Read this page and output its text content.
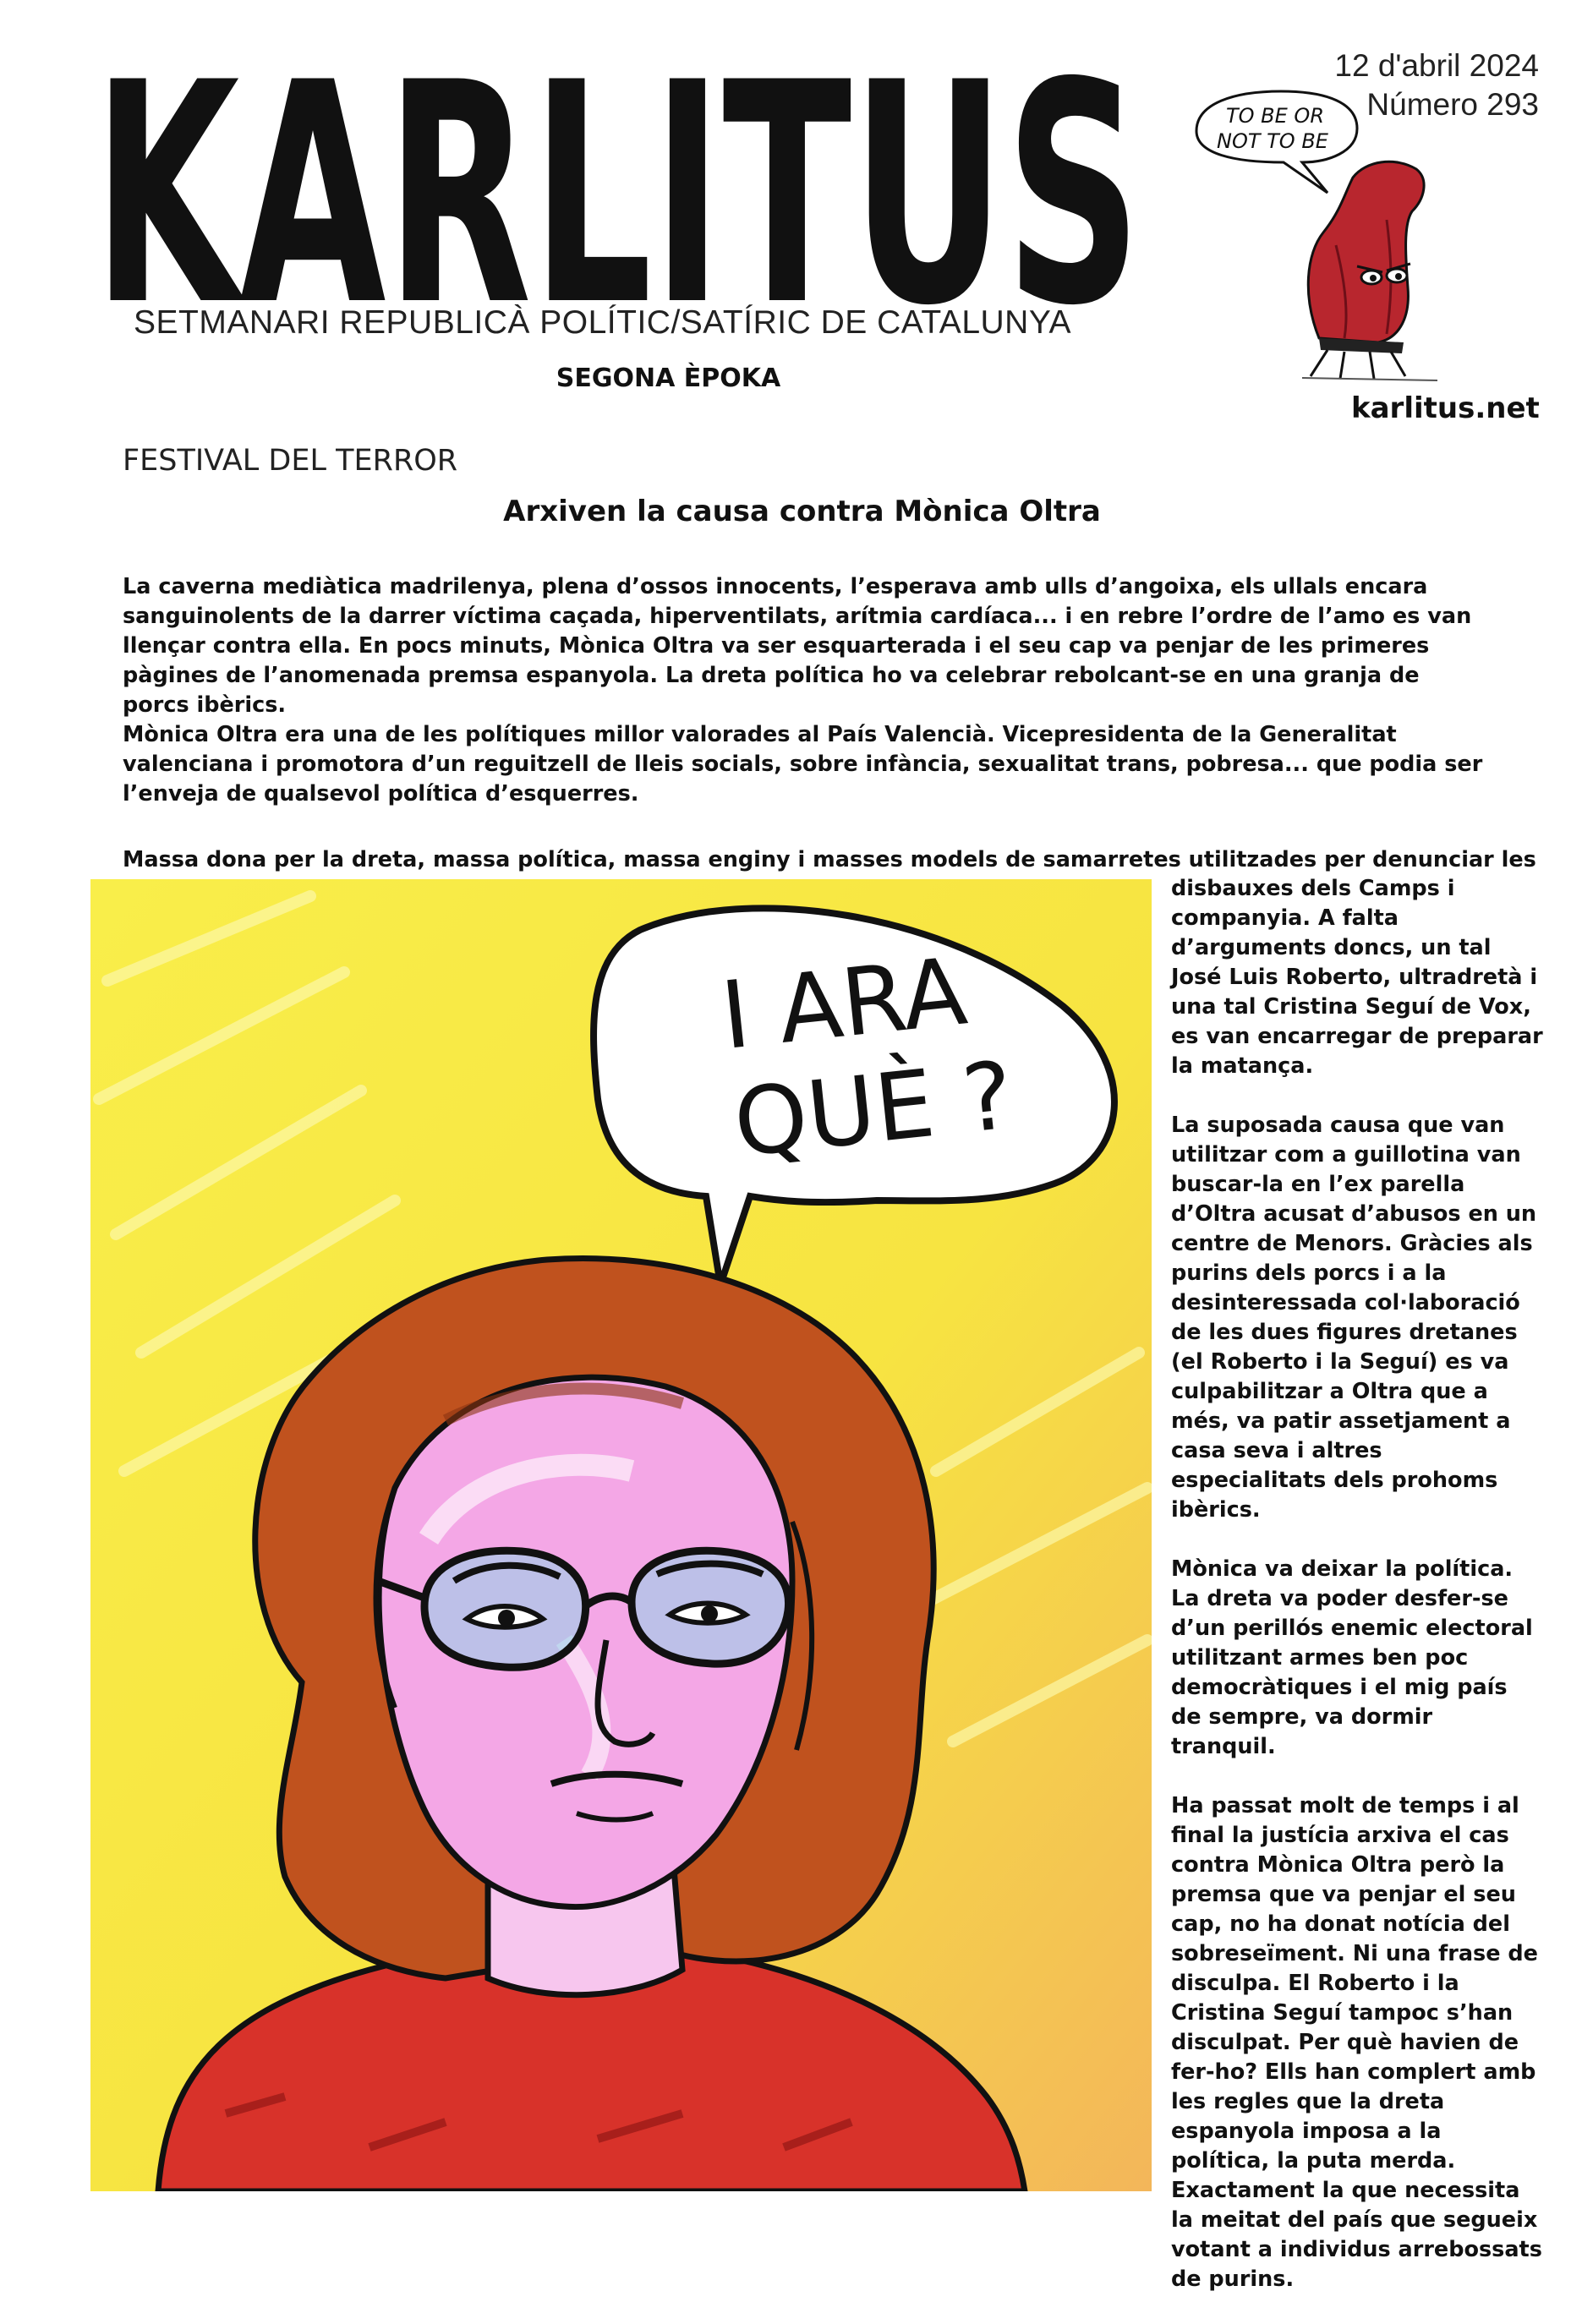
KARLITUS
SETMANARI REPUBLICÀ POLÍTIC/SATÍRIC DE CATALUNYA
SEGONA ÈPOKA
12 d'abril 2024
Número 293
TO BE OR
NOT TO BE
karlitus.net
FESTIVAL DEL TERROR
Arxiven la causa contra Mònica Oltra

La caverna mediàtica madrilenya, plena d’ossos innocents, l’esperava amb ulls d’angoixa, els ullals encara sanguinolents de la darrer víctima caçada, hiperventilats, arítmia cardíaca... i en rebre l’ordre de l’amo es van llençar contra ella. En pocs minuts, Mònica Oltra va ser esquarterada i el seu cap va penjar de les primeres pàgines de l’anomenada premsa espanyola. La dreta política ho va celebrar rebolcant-se en una granja de porcs ibèrics.

Mònica Oltra era una de les polítiques millor valorades al País Valencià. Vicepresidenta de la Generalitat valenciana i promotora d’un reguitzell de lleis socials, sobre infància, sexualitat trans, pobresa... que podia ser l’enveja de qualsevol política d’esquerres.

Massa dona per la dreta, massa política, massa enginy i masses models de samarretes utilitzades per denunciar les

I ARA
QUÈ ?

disbauxes dels Camps i companyia. A falta d’arguments doncs, un tal José Luis Roberto, ultradretà i una tal Cristina Seguí de Vox, es van encarregar de preparar la matança.

La suposada causa que van utilitzar com a guillotina van buscar-la en l’ex parella d’Oltra acusat d’abusos en un centre de Menors. Gràcies als purins dels porcs i a la desinteressada col·laboració de les dues figures dretanes (el Roberto i la Seguí) es va culpabilitzar a Oltra que a més, va patir assetjament a casa seva i altres especialitats dels prohoms ibèrics.

Mònica va deixar la política. La dreta va poder desfer-se d’un perillós enemic electoral utilitzant armes ben poc democràtiques i el mig país de sempre, va dormir tranquil.

Ha passat molt de temps i al final la justícia arxiva el cas contra Mònica Oltra però la premsa que va penjar el seu cap, no ha donat notícia del sobreseïment. Ni una frase de disculpa. El Roberto i la Cristina Seguí tampoc s’han disculpat. Per què havien de fer-ho? Ells han complert amb les regles que la dreta espanyola imposa a la política, la puta merda. Exactament la que necessita la meitat del país que segueix votant a individus arrebossats de purins.
